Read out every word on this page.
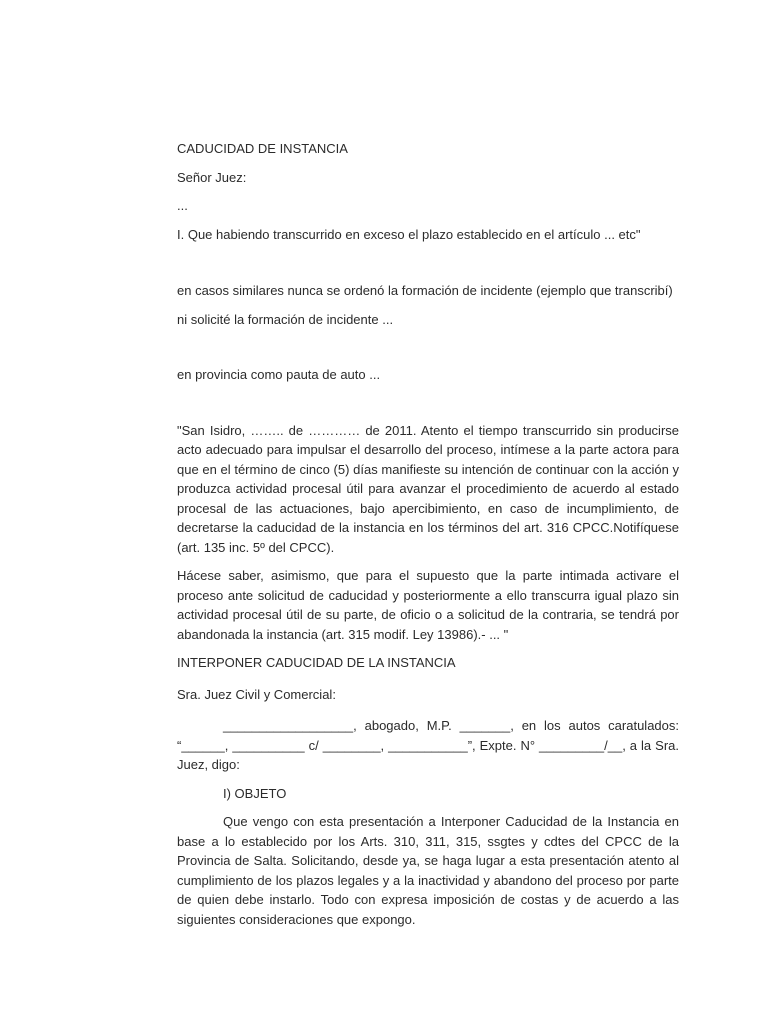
CADUCIDAD DE INSTANCIA

Señor Juez:

...

I. Que habiendo transcurrido en exceso el plazo establecido en el artículo ... etc"

en casos similares nunca se ordenó la formación de incidente (ejemplo que transcribí)

ni solicité la formación de incidente ...

en provincia como pauta de auto ...

"San Isidro, …….. de ………… de 2011. Atento el tiempo transcurrido sin producirse acto adecuado para impulsar el desarrollo del proceso, intímese a la parte actora para que en el término de cinco (5) días manifieste su intención de continuar con la acción y produzca actividad procesal útil para avanzar el procedimiento de acuerdo al estado procesal de las actuaciones, bajo apercibimiento, en caso de incumplimiento, de decretarse la caducidad de la instancia en los términos del art. 316 CPCC.Notifíquese (art. 135 inc. 5º del CPCC).

Hácese saber, asimismo, que para el supuesto que la parte intimada activare el proceso ante solicitud de caducidad y posteriormente a ello transcurra igual plazo sin actividad procesal útil de su parte, de oficio o a solicitud de la contraria, se tendrá por abandonada la instancia (art. 315 modif. Ley 13986).- ... "

INTERPONER CADUCIDAD DE LA INSTANCIA

Sra. Juez Civil y Comercial:

__________________, abogado, M.P. _______, en los autos caratulados: “______, __________ c/ ________, ___________”, Expte. N° _________/__, a la Sra. Juez, digo:

I) OBJETO

Que vengo con esta presentación a Interponer Caducidad de la Instancia en base a lo establecido por los Arts. 310, 311, 315, ssgtes y cdtes del CPCC de la Provincia de Salta. Solicitando, desde ya, se haga lugar a esta presentación atento al cumplimiento de los plazos legales y a la inactividad y abandono del proceso por parte de quien debe instarlo. Todo con expresa imposición de costas y de acuerdo a las siguientes consideraciones que expongo.
